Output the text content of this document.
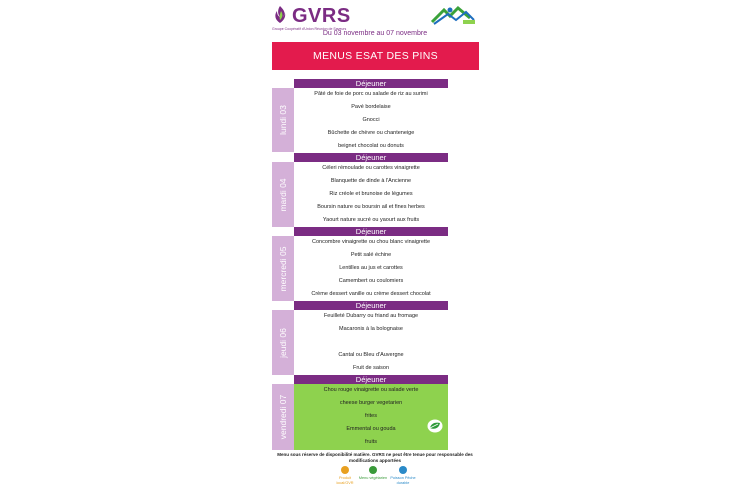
GVRS
Groupe Coopératif d'Union Réunion de Saveurs
Du 03 novembre au 07 novembre
MENUS ESAT DES PINS
lundi 03
Déjeuner
Pâté de foie de porc ou salade de riz au surimi
Pavé bordelaise
Gnocci
Bûchette de chèvre ou chanteneige
beignet chocolat ou donuts
mardi 04
Déjeuner
Céleri rémoulade ou carottes vinaigrette
Blanquette de dinde à l'Ancienne
Riz créole et brunoise de légumes
Boursin nature ou boursin ail et fines herbes
Yaourt nature sucré ou yaourt aux fruits
mercredi 05
Déjeuner
Concombre vinaigrette ou chou blanc vinaigrette
Petit salé échine
Lentilles au jus et carottes
Camembert ou coulomiers
Crème dessert vanille ou crème dessert chocolat
jeudi 06
Déjeuner
Feuilleté Dubarry ou friand au fromage
Macaronis à la bolognaise
Cantal ou Bleu d'Auvergne
Fruit de saison
vendredi 07
Déjeuner
Chou rouge vinaigrette ou salade verte
cheese burger vegetarien
frites
Emmental ou gouda
fruits
Menu sous réserve de disponibilité matière. GVRS ne peut être tenue pour responsable des modifications apportées
Produit local/GVR
Menu végétarien Poisson Pêche durable
